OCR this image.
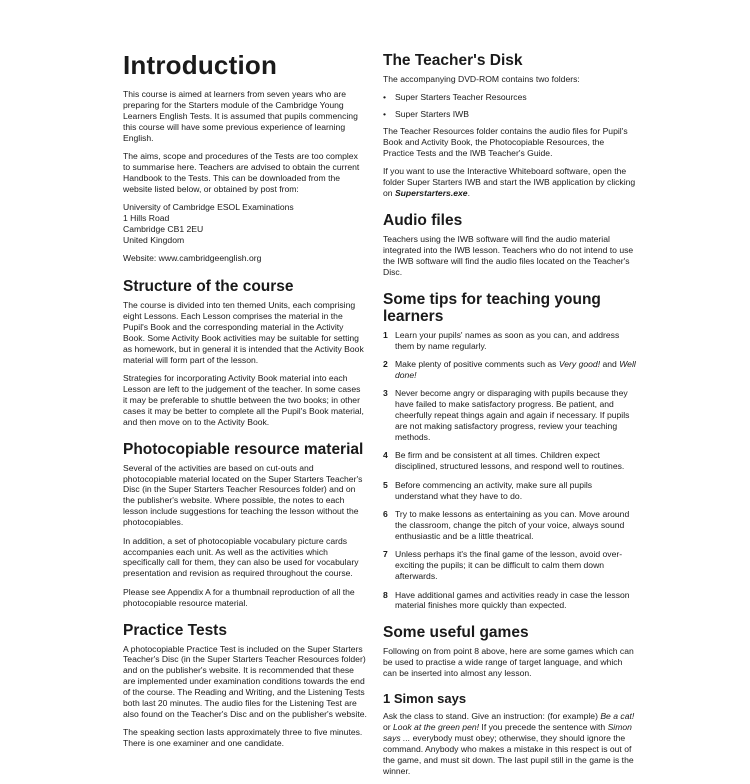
Introduction

This course is aimed at learners from seven years who are preparing for the Starters module of the Cambridge Young Learners English Tests. It is assumed that pupils commencing this course will have some previous experience of learning English.

The aims, scope and procedures of the Tests are too complex to summarise here. Teachers are advised to obtain the current Handbook to the Tests. This can be downloaded from the website listed below, or obtained by post from:

University of Cambridge ESOL Examinations

1 Hills Road

Cambridge CB1 2EU

United Kingdom

Website: www.cambridgeenglish.org

Structure of the course

The course is divided into ten themed Units, each comprising eight Lessons. Each Lesson comprises the material in the Pupil's Book and the corresponding material in the Activity Book. Some Activity Book activities may be suitable for setting as homework, but in general it is intended that the Activity Book material will form part of the lesson.

Strategies for incorporating Activity Book material into each Lesson are left to the judgement of the teacher. In some cases it may be preferable to shuttle between the two books; in other cases it may be better to complete all the Pupil's Book material, and then move on to the Activity Book.

Photocopiable resource material

Several of the activities are based on cut-outs and photocopiable material located on the Super Starters Teacher's Disc (in the Super Starters Teacher Resources folder) and on the publisher's website. Where possible, the notes to each lesson include suggestions for teaching the lesson without the photocopiables.

In addition, a set of photocopiable vocabulary picture cards accompanies each unit. As well as the activities which specifically call for them, they can also be used for vocabulary presentation and revision as required throughout the course.

Please see Appendix A for a thumbnail reproduction of all the photocopiable resource material.

Practice Tests

A photocopiable Practice Test is included on the Super Starters Teacher's Disc (in the Super Starters Teacher Resources folder) and on the publisher's website. It is recommended that these are implemented under examination conditions towards the end of the course. The Reading and Writing, and the Listening Tests both last 20 minutes. The audio files for the Listening Test are also found on the Teacher's Disc and on the publisher's website.

The speaking section lasts approximately three to five minutes. There is one examiner and one candidate.

The Teacher's Disk

The accompanying DVD-ROM contains two folders:

• Super Starters Teacher Resources
• Super Starters IWB

The Teacher Resources folder contains the audio files for Pupil's Book and Activity Book, the Photocopiable Resources, the Practice Tests and the IWB Teacher's Guide.

If you want to use the Interactive Whiteboard software, open the folder Super Starters IWB and start the IWB application by clicking on Superstarters.exe.

Audio files

Teachers using the IWB software will find the audio material integrated into the IWB lesson. Teachers who do not intend to use the IWB software will find the audio files located on the Teacher's Disc.

Some tips for teaching young learners
1 Learn your pupils' names as soon as you can, and address them by name regularly.
2 Make plenty of positive comments such as Very good! and Well done!
3 Never become angry or disparaging with pupils because they have failed to make satisfactory progress. Be patient, and cheerfully repeat things again and again if necessary. If pupils are not making satisfactory progress, review your teaching methods.
4 Be firm and be consistent at all times. Children expect disciplined, structured lessons, and respond well to routines.
5 Before commencing an activity, make sure all pupils understand what they have to do.
6 Try to make lessons as entertaining as you can. Move around the classroom, change the pitch of your voice, always sound enthusiastic and be a little theatrical.
7 Unless perhaps it's the final game of the lesson, avoid over-exciting the pupils; it can be difficult to calm them down afterwards.
8 Have additional games and activities ready in case the lesson material finishes more quickly than expected.
Some useful games

Following on from point 8 above, here are some games which can be used to practise a wide range of target language, and which can be inserted into almost any lesson.

1 Simon says

Ask the class to stand. Give an instruction: (for example) Be a cat! or Look at the green pen! If you precede the sentence with Simon says ... everybody must obey; otherwise, they should ignore the command. Anybody who makes a mistake in this respect is out of the game, and must sit down. The last pupil still in the game is the winner.
